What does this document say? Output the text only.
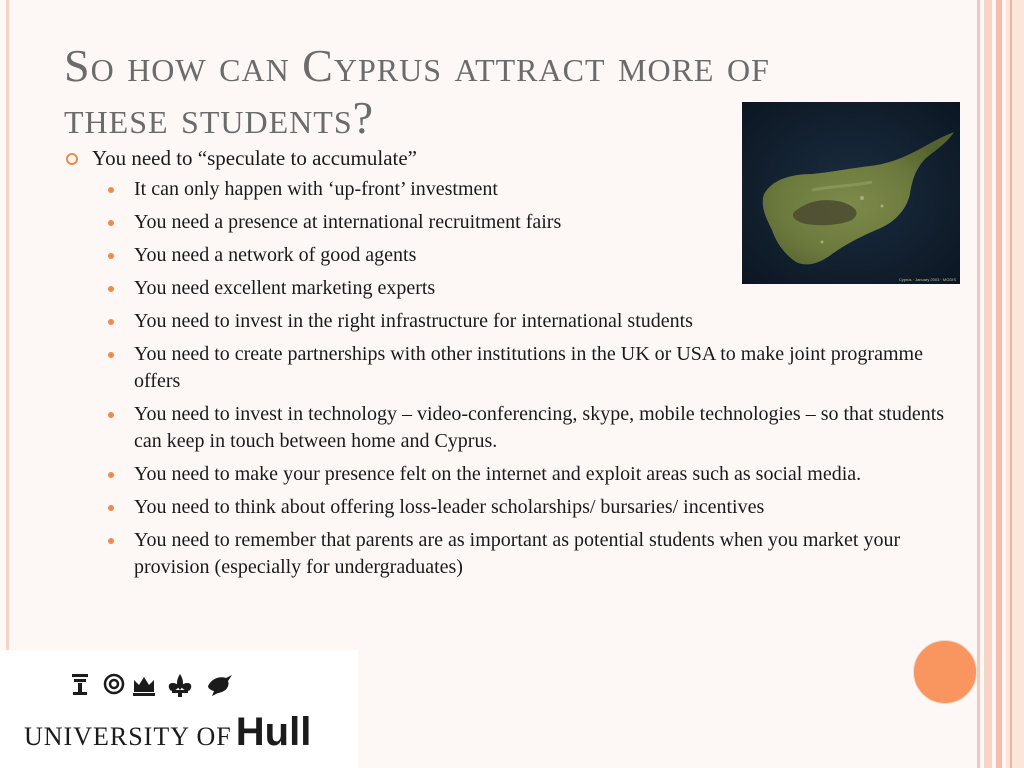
So how can Cyprus attract more of
these students?
Cyprus · January 2003 · MODIS
You need to “speculate to accumulate”
It can only happen with ‘up-front’ investment
You need a presence at international recruitment fairs
You need a network of good agents
You need excellent marketing experts
You need to invest in the right infrastructure for international students
You need to create partnerships with other institutions in the UK or USA to make joint programme offers
You need to invest in technology – video-conferencing, skype, mobile technologies – so that students can keep in touch between home and Cyprus.
You need to make your presence felt on the internet and exploit areas such as social media.
You need to think about offering loss-leader scholarships/ bursaries/ incentives
You need to remember that parents are as important as potential students when you market your provision (especially for undergraduates)
UNIVERSITY OF Hull
